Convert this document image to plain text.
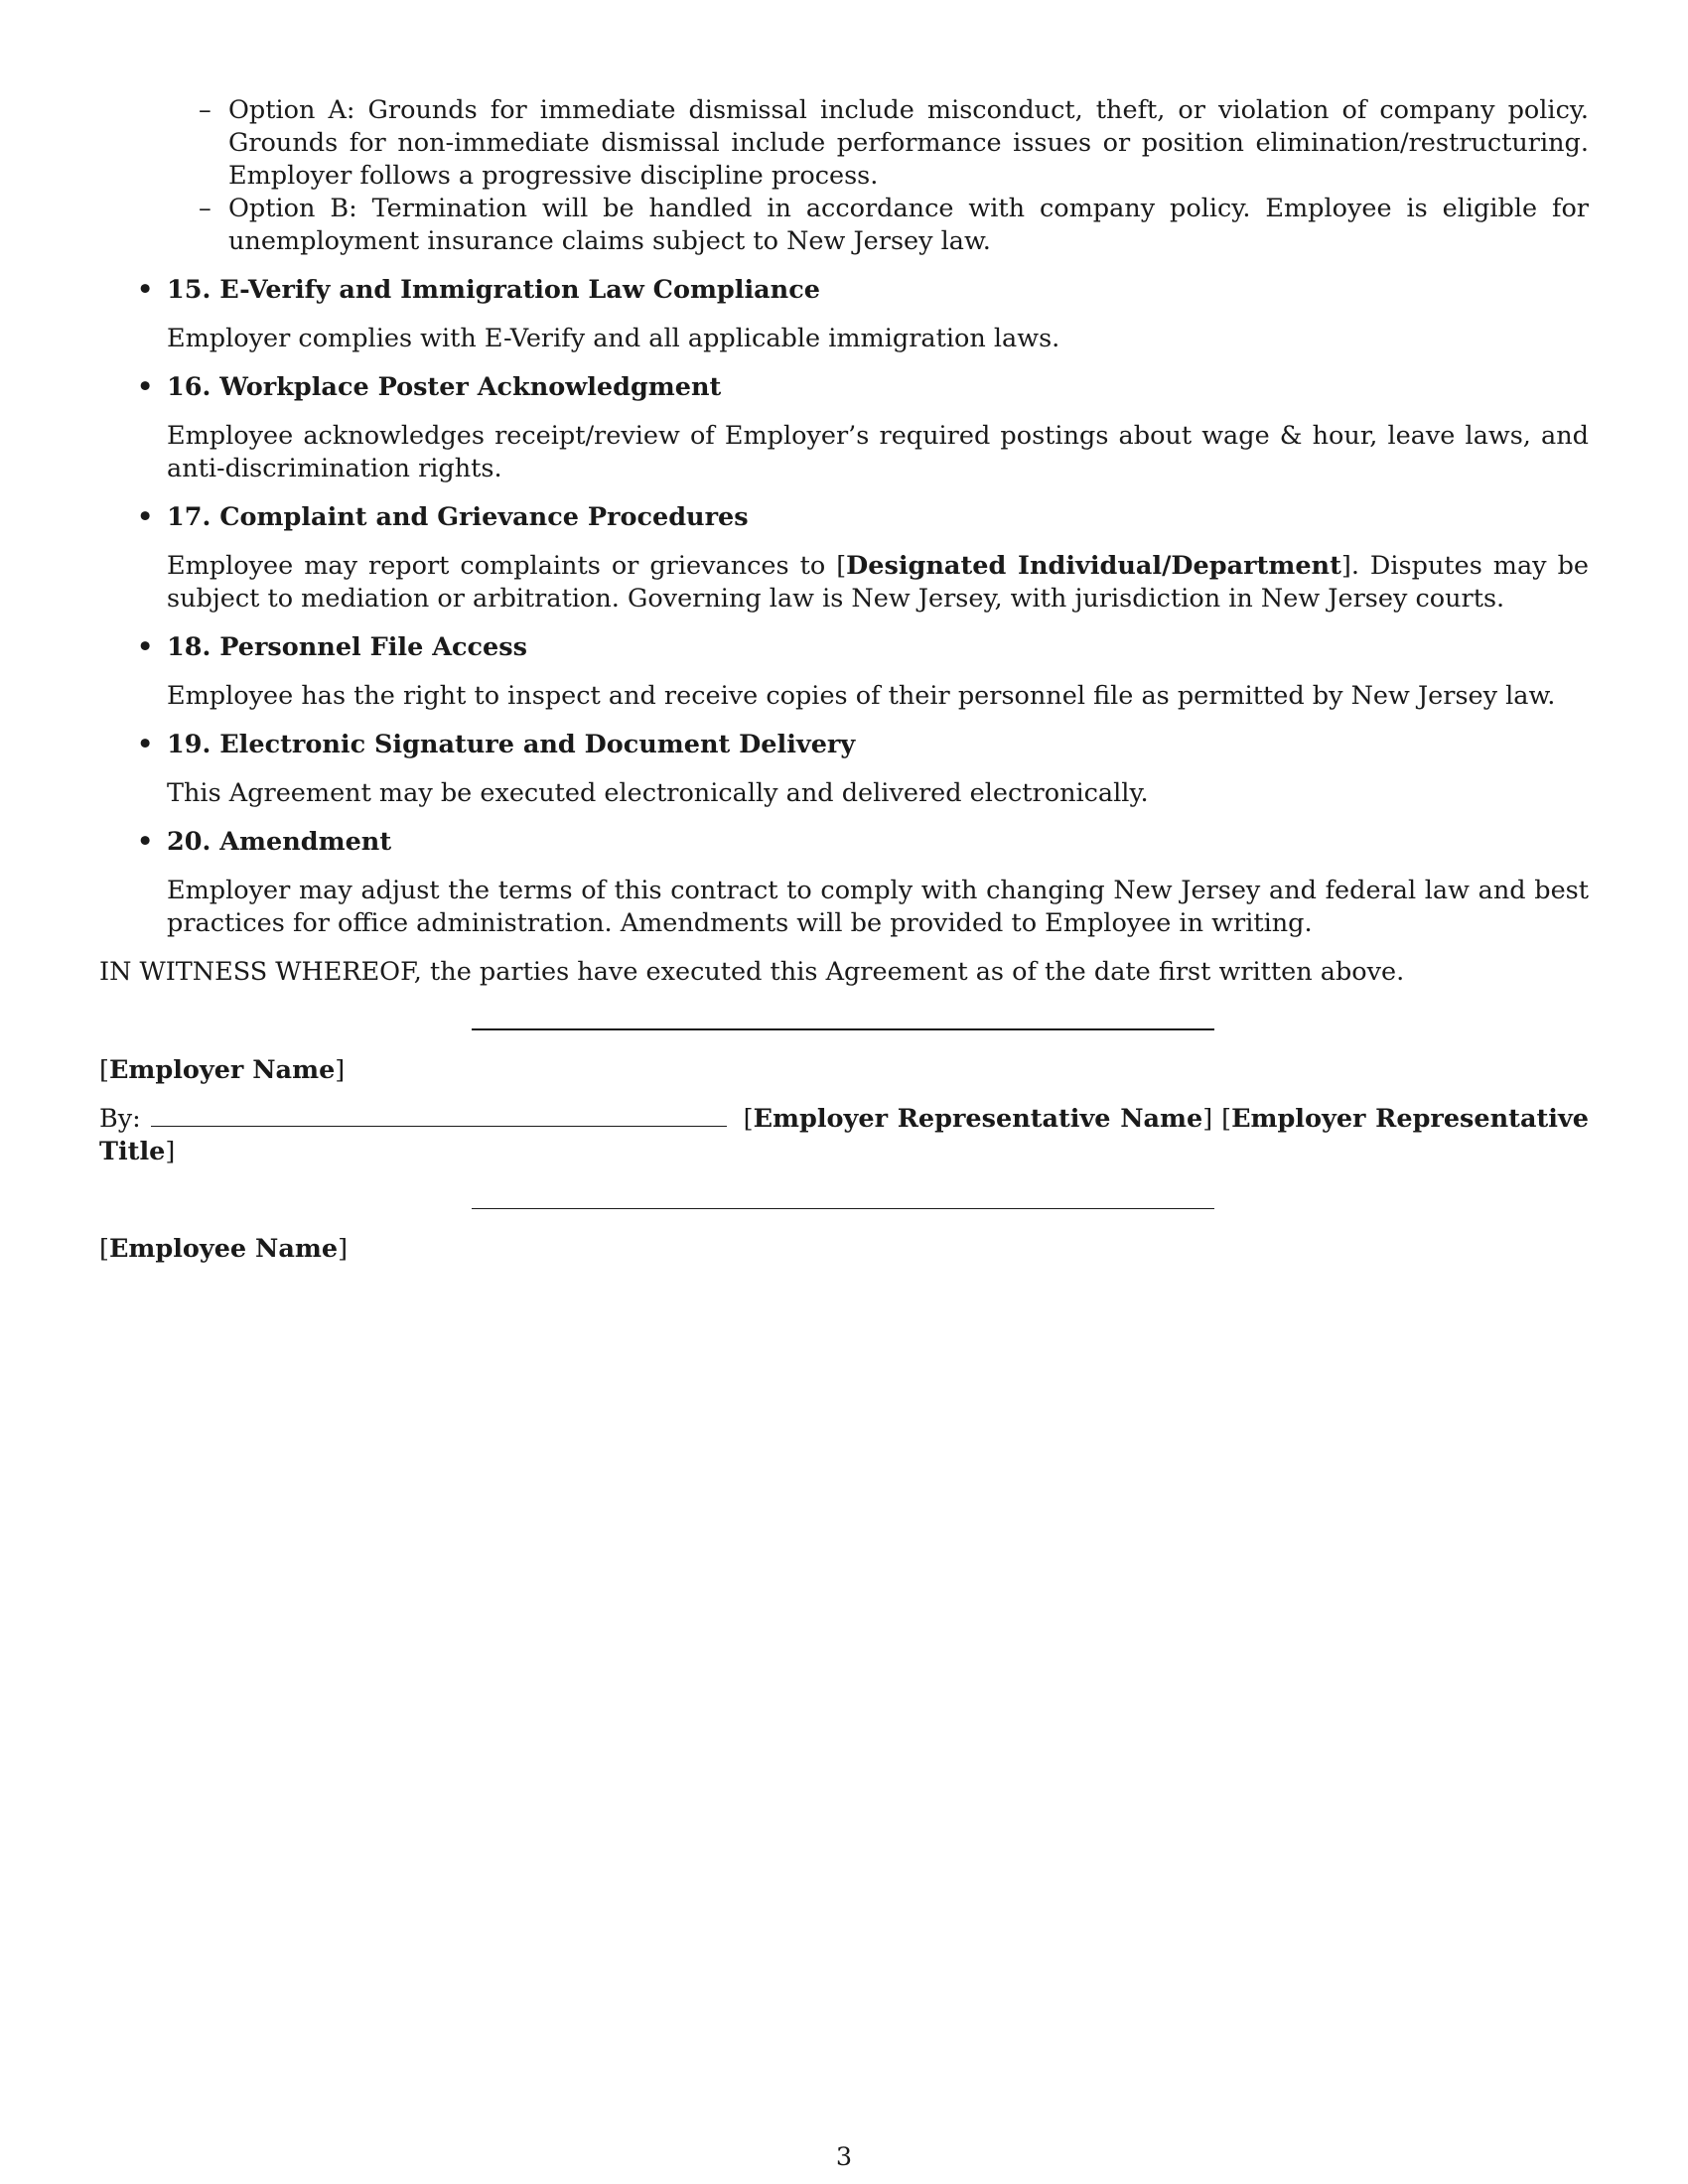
– Option A: Grounds for immediate dismissal include misconduct, theft, or violation of company policy. Grounds for non-immediate dismissal include performance issues or position elimination/restructuring. Employer follows a progressive discipline process.
– Option B: Termination will be handled in accordance with company policy. Employee is eligible for unemployment insurance claims subject to New Jersey law.
• 15. E-Verify and Immigration Law Compliance
Employer complies with E-Verify and all applicable immigration laws.
• 16. Workplace Poster Acknowledgment
Employee acknowledges receipt/review of Employer’s required postings about wage & hour, leave laws, and anti-discrimination rights.
• 17. Complaint and Grievance Procedures
Employee may report complaints or grievances to [Designated Individual/Department]. Disputes may be subject to mediation or arbitration. Governing law is New Jersey, with jurisdiction in New Jersey courts.
• 18. Personnel File Access
Employee has the right to inspect and receive copies of their personnel file as permitted by New Jersey law.
• 19. Electronic Signature and Document Delivery
This Agreement may be executed electronically and delivered electronically.
• 20. Amendment
Employer may adjust the terms of this contract to comply with changing New Jersey and federal law and best practices for office administration. Amendments will be provided to Employee in writing.
IN WITNESS WHEREOF, the parties have executed this Agreement as of the date first written above.
[Employer Name]
By:	[Employer Representative Name] [Employer Representative Title]
[Employee Name]
3
